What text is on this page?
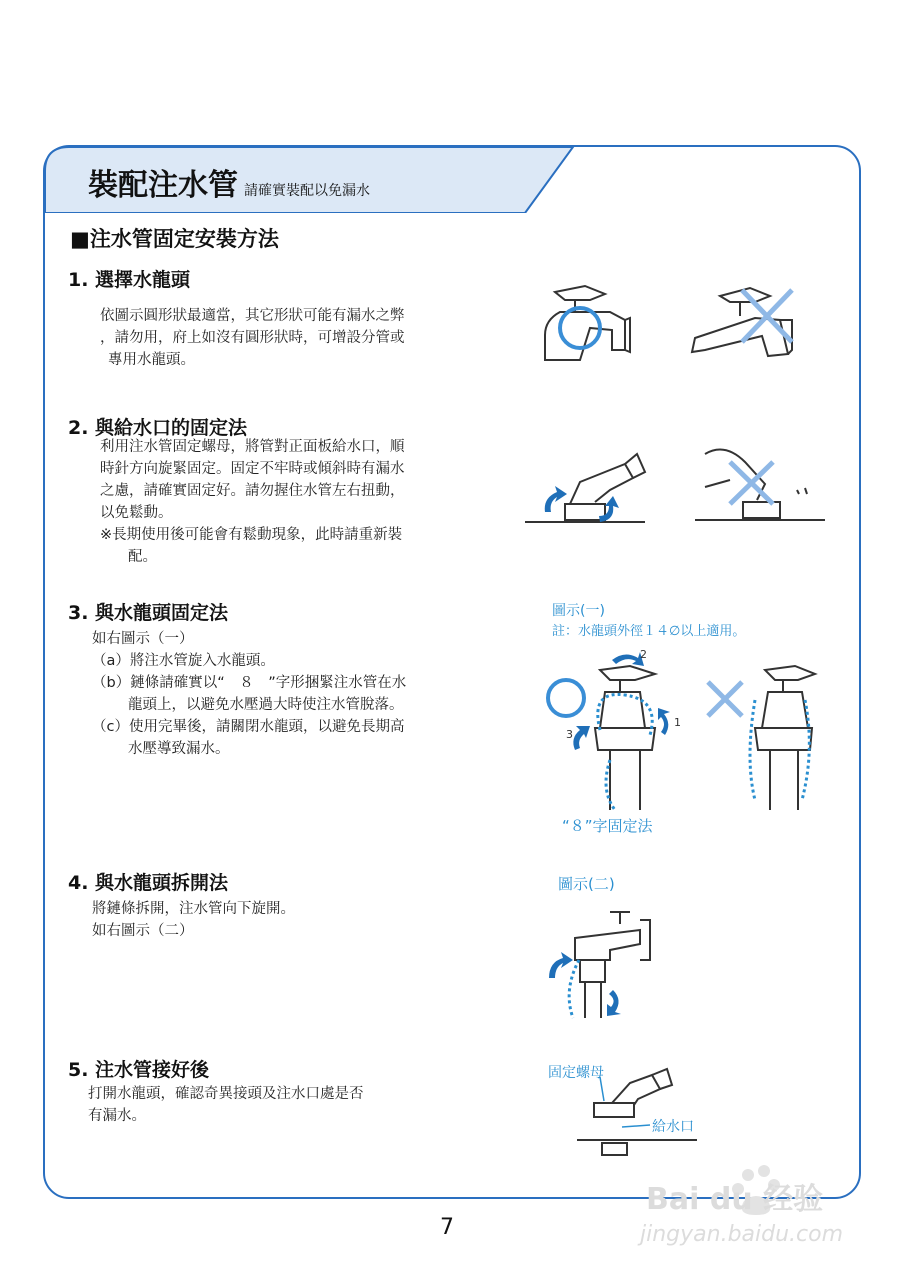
裝配注水管 請確實裝配以免漏水
■注水管固定安裝方法
1. 選擇水龍頭
依圖示圓形狀最適當，其它形狀可能有漏水之弊
，請勿用，府上如沒有圓形狀時，可增設分管或
專用水龍頭。
2. 與給水口的固定法
利用注水管固定螺母，將管對正面板給水口，順
時針方向旋緊固定。固定不牢時或傾斜時有漏水
之慮，請確實固定好。請勿握住水管左右扭動，
以免鬆動。
※長期使用後可能會有鬆動現象，此時請重新裝
配。
3. 與水龍頭固定法
如右圖示（一）
（a）將注水管旋入水龍頭。
（b）鏈條請確實以“　８　”字形捆緊注水管在水
龍頭上，以避免水壓過大時使注水管脫落。
（c）使用完畢後，請關閉水龍頭，以避免長期高
水壓導致漏水。
4. 與水龍頭拆開法
將鏈條拆開，注水管向下旋開。
如右圖示（二）
5. 注水管接好後
打開水龍頭，確認奇異接頭及注水口處是否
有漏水。
圖示(一)
註：水龍頭外徑１４∅以上適用。
2
1
3
“８”字固定法
圖示(二)
固定螺母
給水口
Bai du 经验
jingyan.baidu.com
7
